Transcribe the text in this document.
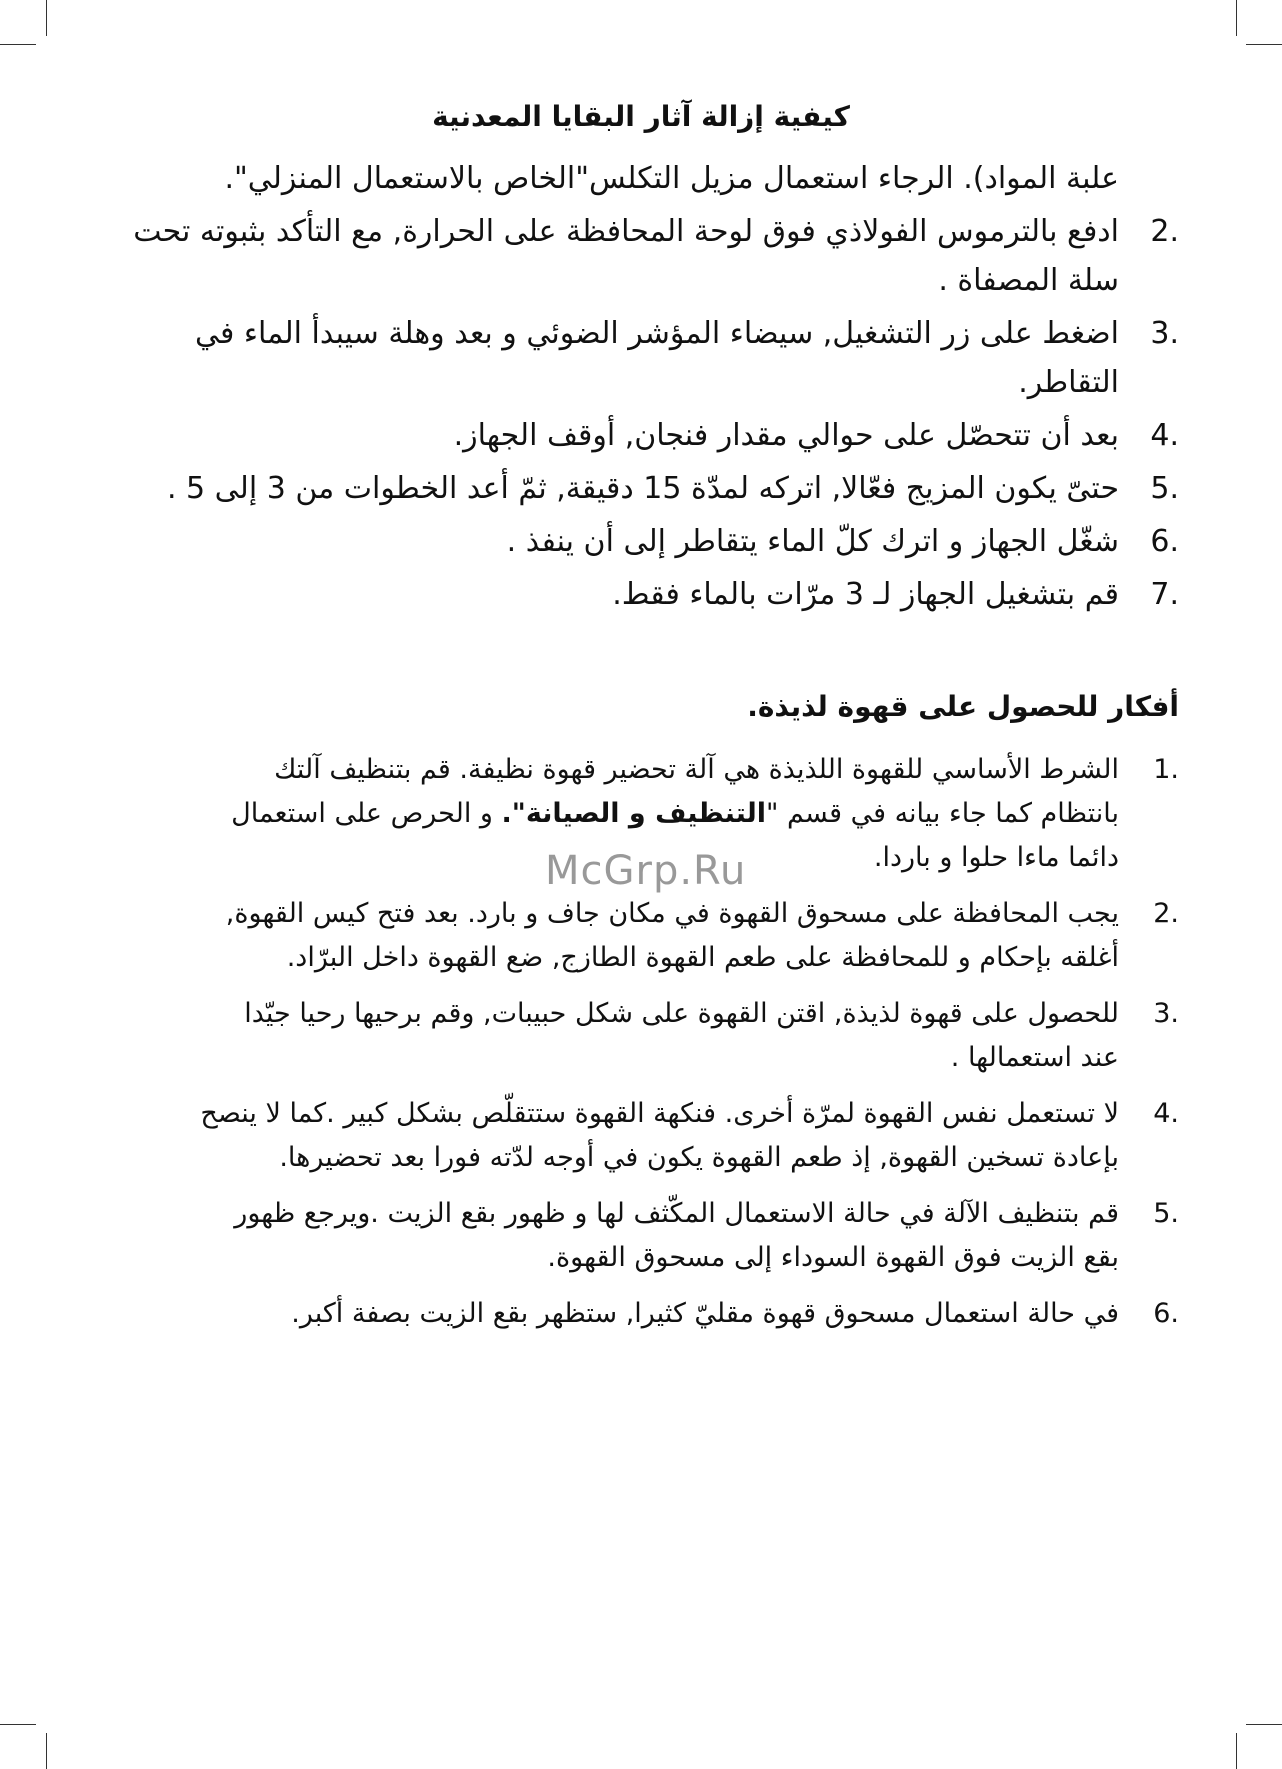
كيفية إزالة آثار البقايا المعدنية
علبة المواد). الرجاء استعمال مزيل التكلس"الخاص بالاستعمال المنزلي".
2.
ادفع بالترموس الفولاذي فوق لوحة المحافظة على الحرارة, مع التأكد بثبوته تحت سلة المصفاة .
3.
اضغط على زر التشغيل, سيضاء المؤشر الضوئي و بعد وهلة سيبدأ الماء في التقاطر.
4.
بعد أن تتحصّل على حوالي مقدار فنجان, أوقف الجهاز.
5.
حتىّ يكون المزيج فعّالا, اتركه لمدّة 15 دقيقة, ثمّ أعد الخطوات من 3 إلى 5 .
6.
شغّل الجهاز و اترك كلّ الماء يتقاطر إلى أن ينفذ .
7.
قم بتشغيل الجهاز لـ 3 مرّات بالماء فقط.
أفكار للحصول على قهوة لذيذة.
1.
الشرط الأساسي للقهوة اللذيذة هي آلة تحضير قهوة نظيفة. قم بتنظيف آلتك بانتظام كما جاء بيانه في قسم "التنظيف و الصيانة". و الحرص على استعمال دائما ماءا حلوا و باردا.
2.
يجب المحافظة على مسحوق القهوة في مكان جاف و بارد. بعد فتح كيس القهوة, أغلقه بإحكام و للمحافظة على طعم القهوة الطازج, ضع القهوة داخل البرّاد.
3.
للحصول على قهوة لذيذة, اقتن القهوة على شكل حبيبات, وقم برحيها رحيا جيّدا عند استعمالها .
4.
لا تستعمل نفس القهوة لمرّة أخرى. فنكهة القهوة ستتقلّص بشكل كبير .كما لا ينصح بإعادة تسخين القهوة, إذ طعم القهوة يكون في أوجه لدّته فورا بعد تحضيرها.
5.
قم بتنظيف الآلة في حالة الاستعمال المكّثف لها و ظهور بقع الزيت .ويرجع ظهور بقع الزيت فوق القهوة السوداء إلى مسحوق القهوة.
6.
في حالة استعمال مسحوق قهوة مقليّ كثيرا, ستظهر بقع الزيت بصفة أكبر.
McGrp.Ru
